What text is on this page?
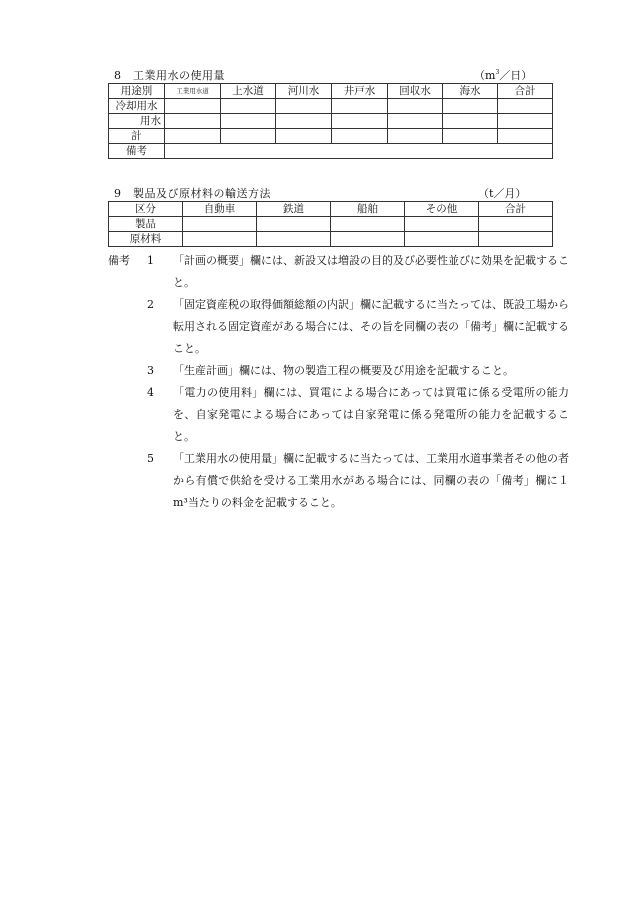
8　 工業用水の使用量	（$m^3/$日）
用途別	工業用水道	上水道	河川水	井戸水	回収水	海水	合計
冷却用水							
用水							
計							
備考							
9　 製品及び原材料の輸送方法	（t／月）
区分	自動車	鉄道	船舶	その他	合計
製品					
原材料					
備考 1	「計画の概要」欄には、新設又は増設の目的及び必要性並びに効果を記載すること。
2	「固定資産税の取得価額総額の内訳」欄に記載するに当たっては、既設工場から転用される固定資産がある場合には、その旨を同欄の表の「備考」欄に記載すること。
3	「生産計画」欄には、物の製造工程の概要及び用途を記載すること。
4	「電力の使用料」欄には、買電による場合にあっては買電に係る受電所の能力を、自家発電による場合にあっては自家発電に係る発電所の能力を記載すること。
5	「工業用水の使用量」欄に記載するに当たっては、工業用水道事業者その他の者から有償で供給を受ける工業用水がある場合には、同欄の表の「備考」欄に１m³当たりの料金を記載すること。
